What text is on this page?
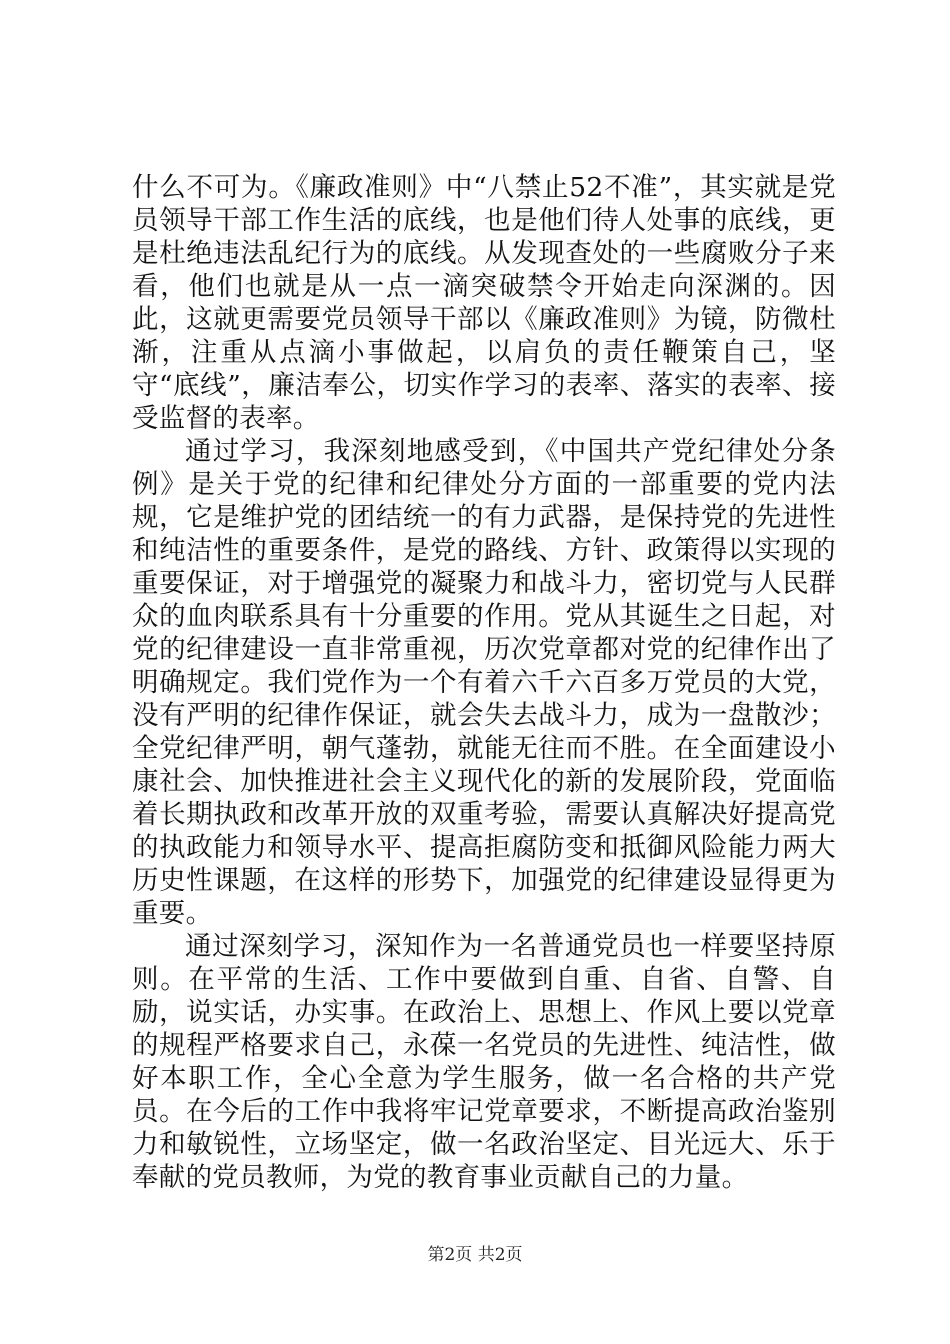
什么不可为。《廉政准则》中“八禁止52不准”，其实就是党员领导干部工作生活的底线，也是他们待人处事的底线，更是杜绝违法乱纪行为的底线。从发现查处的一些腐败分子来看，他们也就是从一点一滴突破禁令开始走向深渊的。因此，这就更需要党员领导干部以《廉政准则》为镜，防微杜渐，注重从点滴小事做起，以肩负的责任鞭策自己，坚守“底线”，廉洁奉公，切实作学习的表率、落实的表率、接受监督的表率。

通过学习，我深刻地感受到，《中国共产党纪律处分条例》是关于党的纪律和纪律处分方面的一部重要的党内法规，它是维护党的团结统一的有力武器，是保持党的先进性和纯洁性的重要条件，是党的路线、方针、政策得以实现的重要保证，对于增强党的凝聚力和战斗力，密切党与人民群众的血肉联系具有十分重要的作用。党从其诞生之日起，对党的纪律建设一直非常重视，历次党章都对党的纪律作出了明确规定。我们党作为一个有着六千六百多万党员的大党，没有严明的纪律作保证，就会失去战斗力，成为一盘散沙；全党纪律严明，朝气蓬勃，就能无往而不胜。在全面建设小康社会、加快推进社会主义现代化的新的发展阶段，党面临着长期执政和改革开放的双重考验，需要认真解决好提高党的执政能力和领导水平、提高拒腐防变和抵御风险能力两大历史性课题，在这样的形势下，加强党的纪律建设显得更为重要。

通过深刻学习，深知作为一名普通党员也一样要坚持原则。在平常的生活、工作中要做到自重、自省、自警、自励，说实话，办实事。在政治上、思想上、作风上要以党章的规程严格要求自己，永葆一名党员的先进性、纯洁性，做好本职工作，全心全意为学生服务，做一名合格的共产党员。在今后的工作中我将牢记党章要求，不断提高政治鉴别力和敏锐性，立场坚定，做一名政治坚定、目光远大、乐于奉献的党员教师，为党的教育事业贡献自己的力量。

第2页 共2页
